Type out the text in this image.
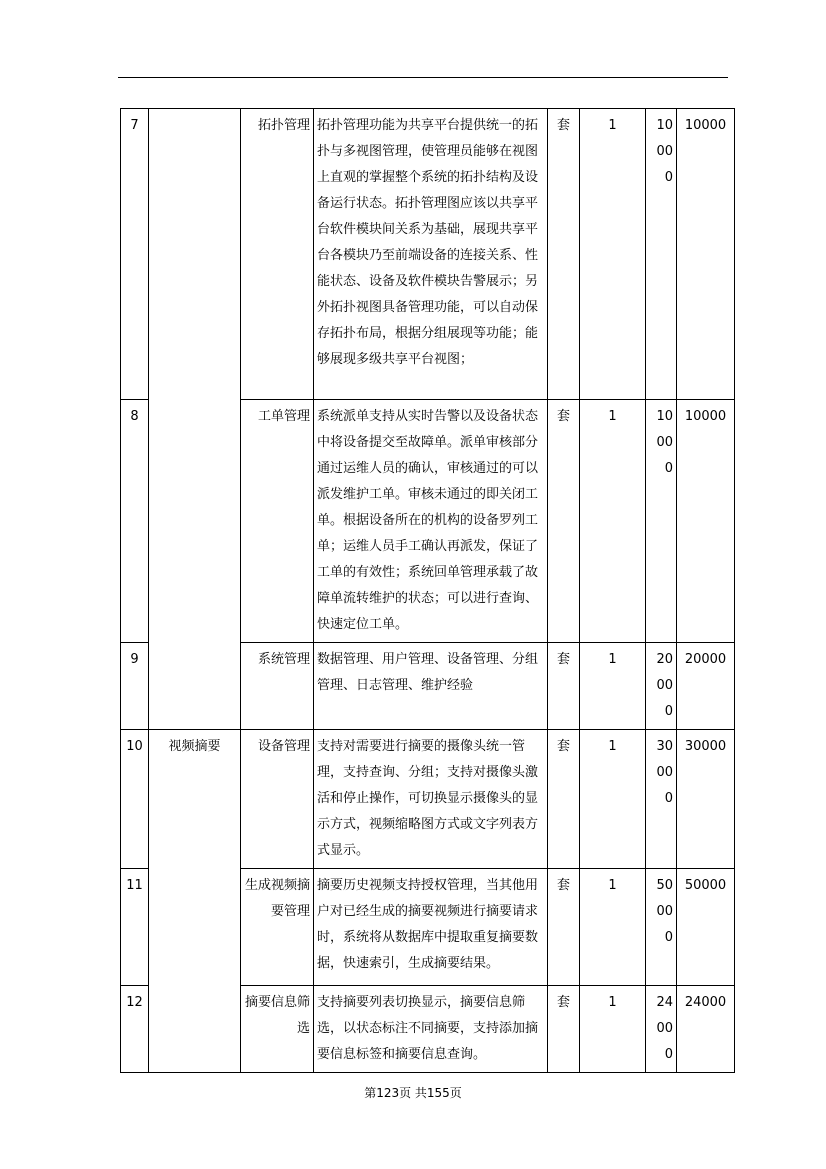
7		拓扑管理	拓扑管理功能为共享平台提供统一的拓扑与多视图管理，使管理员能够在视图上直观的掌握整个系统的拓扑结构及设备运行状态。拓扑管理图应该以共享平台软件模块间关系为基础，展现共享平台各模块乃至前端设备的连接关系、性能状态、设备及软件模块告警展示；另外拓扑视图具备管理功能，可以自动保存拓扑布局，根据分组展现等功能；能够展现多级共享平台视图；	套	1	10000	10000
8		工单管理	系统派单支持从实时告警以及设备状态中将设备提交至故障单。派单审核部分通过运维人员的确认，审核通过的可以派发维护工单。审核未通过的即关闭工单。根据设备所在的机构的设备罗列工单；运维人员手工确认再派发，保证了工单的有效性；系统回单管理承载了故障单流转维护的状态；可以进行查询、快速定位工单。	套	1	10000	10000
9		系统管理	数据管理、用户管理、设备管理、分组管理、日志管理、维护经验	套	1	20000	20000
10	视频摘要	设备管理	支持对需要进行摘要的摄像头统一管理，支持查询、分组；支持对摄像头激活和停止操作，可切换显示摄像头的显示方式，视频缩略图方式或文字列表方式显示。	套	1	30000	30000
11		生成视频摘要管理	摘要历史视频支持授权管理，当其他用户对已经生成的摘要视频进行摘要请求时，系统将从数据库中提取重复摘要数据，快速索引，生成摘要结果。	套	1	50000	50000
12		摘要信息筛选	支持摘要列表切换显示，摘要信息筛选，以状态标注不同摘要，支持添加摘要信息标签和摘要信息查询。	套	1	24000	24000
第123页 共155页
